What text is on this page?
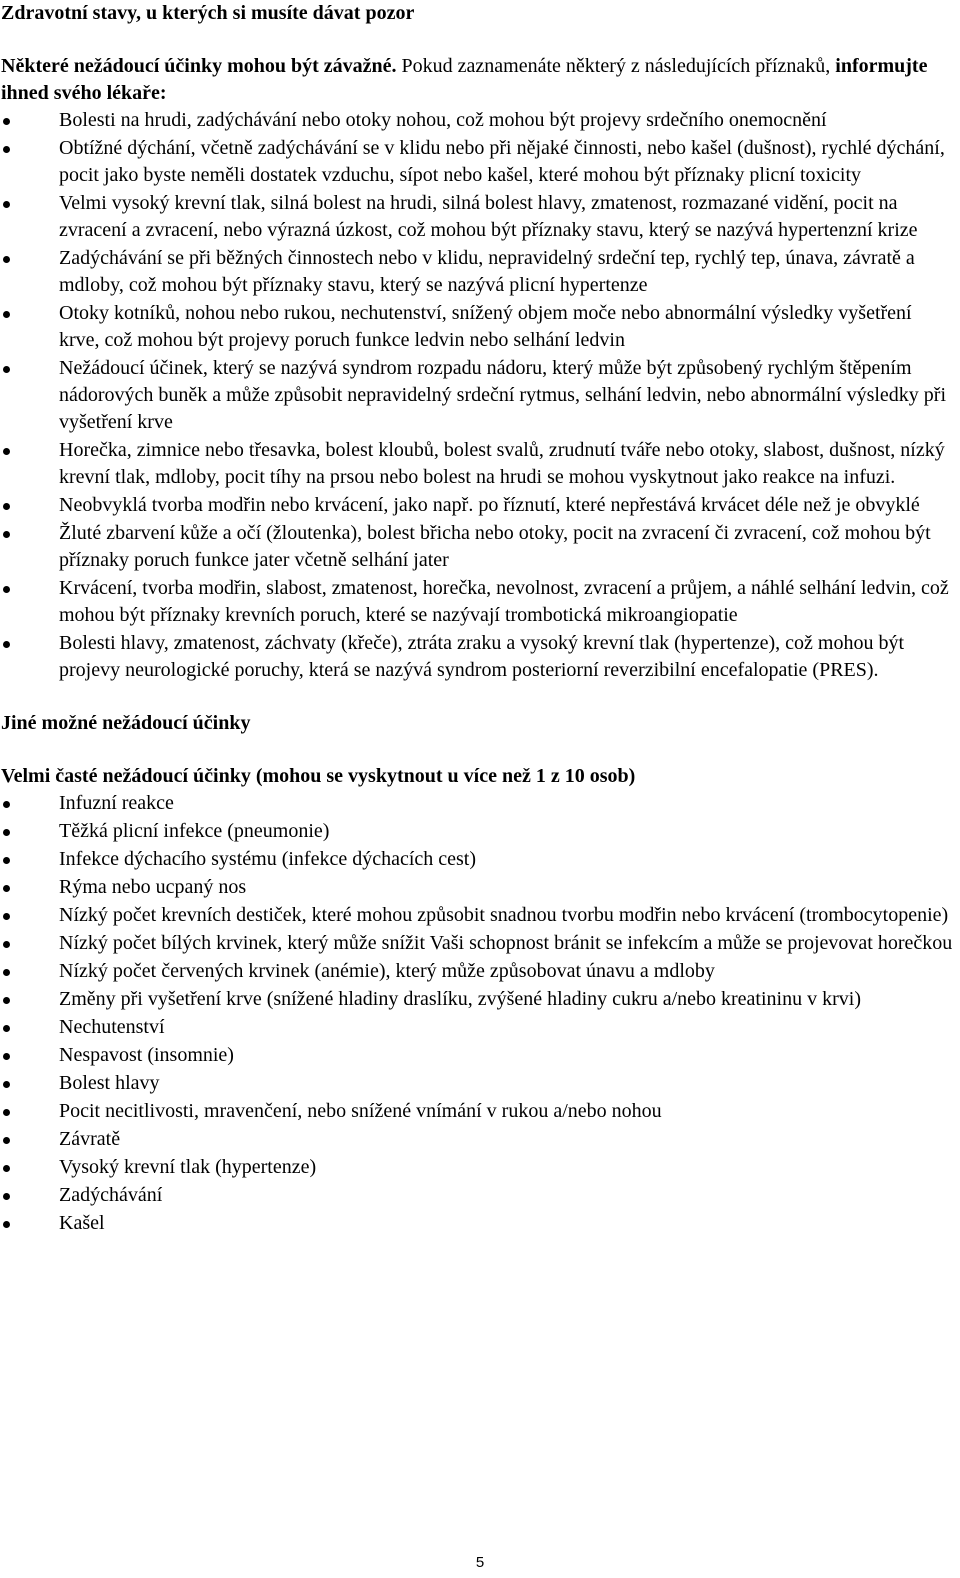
Zdravotní stavy, u kterých si musíte dávat pozor
Některé nežádoucí účinky mohou být závažné. Pokud zaznamenáte některý z následujících příznaků, informujte ihned svého lékaře:
Bolesti na hrudi, zadýchávání nebo otoky nohou, což mohou být projevy srdečního onemocnění
Obtížné dýchání, včetně zadýchávání se v klidu nebo při nějaké činnosti, nebo kašel (dušnost), rychlé dýchání, pocit jako byste neměli dostatek vzduchu, sípot nebo kašel, které mohou být příznaky plicní toxicity
Velmi vysoký krevní tlak, silná bolest na hrudi, silná bolest hlavy, zmatenost, rozmazané vidění, pocit na zvracení a zvracení, nebo výrazná úzkost, což mohou být příznaky stavu, který se nazývá hypertenzní krize
Zadýchávání se při běžných činnostech nebo v klidu, nepravidelný srdeční tep, rychlý tep, únava, závratě a mdloby, což mohou být příznaky stavu, který se nazývá plicní hypertenze
Otoky kotníků, nohou nebo rukou, nechutenství, snížený objem moče nebo abnormální výsledky vyšetření krve, což mohou být projevy poruch funkce ledvin nebo selhání ledvin
Nežádoucí účinek, který se nazývá syndrom rozpadu nádoru, který může být způsobený rychlým štěpením nádorových buněk a může způsobit nepravidelný srdeční rytmus, selhání ledvin, nebo abnormální výsledky při vyšetření krve
Horečka, zimnice nebo třesavka, bolest kloubů, bolest svalů, zrudnutí tváře nebo otoky, slabost, dušnost, nízký krevní tlak, mdloby, pocit tíhy na prsou nebo bolest na hrudi se mohou vyskytnout jako reakce na infuzi.
Neobvyklá tvorba modřin nebo krvácení, jako např. po říznutí, které nepřestává krvácet déle než je obvyklé
Žluté zbarvení kůže a očí (žloutenka), bolest břicha nebo otoky, pocit na zvracení či zvracení, což mohou být příznaky poruch funkce jater včetně selhání jater
Krvácení, tvorba modřin, slabost, zmatenost, horečka, nevolnost, zvracení a průjem, a náhlé selhání ledvin, což mohou být příznaky krevních poruch, které se nazývají trombotická mikroangiopatie
Bolesti hlavy, zmatenost, záchvaty (křeče), ztráta zraku a vysoký krevní tlak (hypertenze), což mohou být projevy neurologické poruchy, která se nazývá syndrom posteriorní reverzibilní encefalopatie (PRES).
Jiné možné nežádoucí účinky
Velmi časté nežádoucí účinky (mohou se vyskytnout u více než 1 z 10 osob)
Infuzní reakce
Těžká plicní infekce (pneumonie)
Infekce dýchacího systému (infekce dýchacích cest)
Rýma nebo ucpaný nos
Nízký počet krevních destiček, které mohou způsobit snadnou tvorbu modřin nebo krvácení (trombocytopenie)
Nízký počet bílých krvinek, který může snížit Vaši schopnost bránit se infekcím a může se projevovat horečkou
Nízký počet červených krvinek (anémie), který může způsobovat únavu a mdloby
Změny při vyšetření krve (snížené hladiny draslíku, zvýšené hladiny cukru a/nebo kreatininu v krvi)
Nechutenství
Nespavost (insomnie)
Bolest hlavy
Pocit necitlivosti, mravenčení, nebo snížené vnímání v rukou a/nebo nohou
Závratě
Vysoký krevní tlak (hypertenze)
Zadýchávání
Kašel
5
